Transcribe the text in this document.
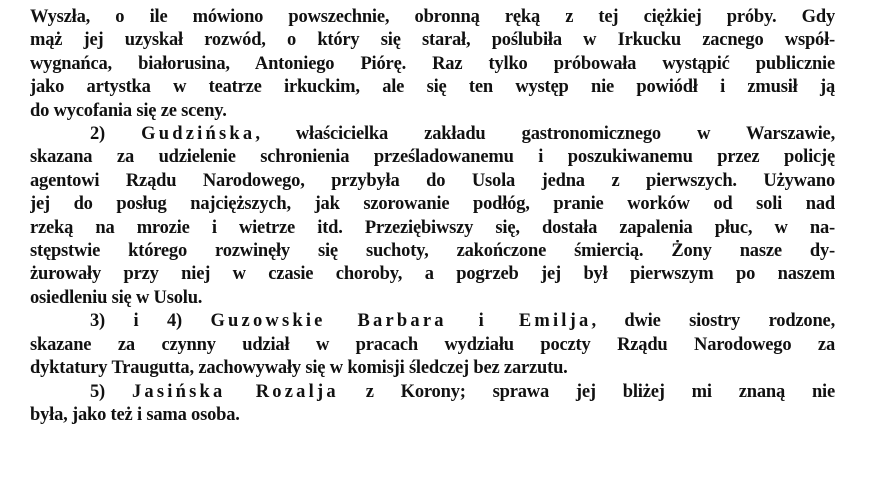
Wyszła, o ile mówiono powszechnie, obronną ręką z tej ciężkiej próby. Gdy
mąż jej uzyskał rozwód, o który się starał, poślubiła w Irkucku zacnego współ-
wygnańca, białorusina, Antoniego Piórę. Raz tylko próbowała wystąpić publicznie
jako artystka w teatrze irkuckim, ale się ten występ nie powiódł i zmusił ją
do wycofania się ze sceny.
2) Gudzińska, właścicielka zakładu gastronomicznego w Warszawie,
skazana za udzielenie schronienia prześladowanemu i poszukiwanemu przez policję
agentowi Rządu Narodowego, przybyła do Usola jedna z pierwszych. Używano
jej do posług najcięższych, jak szorowanie podłóg, pranie worków od soli nad
rzeką na mrozie i wietrze itd. Przeziębiwszy się, dostała zapalenia płuc, w na-
stępstwie którego rozwinęły się suchoty, zakończone śmiercią. Żony nasze dy-
żurowały przy niej w czasie choroby, a pogrzeb jej był pierwszym po naszem
osiedleniu się w Usolu.
3) i 4) Guzowskie Barbara i Emilja, dwie siostry rodzone,
skazane za czynny udział w pracach wydziału poczty Rządu Narodowego za
dyktatury Traugutta, zachowywały się w komisji śledczej bez zarzutu.
5) Jasińska Rozalja z Korony; sprawa jej bliżej mi znaną nie
była, jako też i sama osoba.
